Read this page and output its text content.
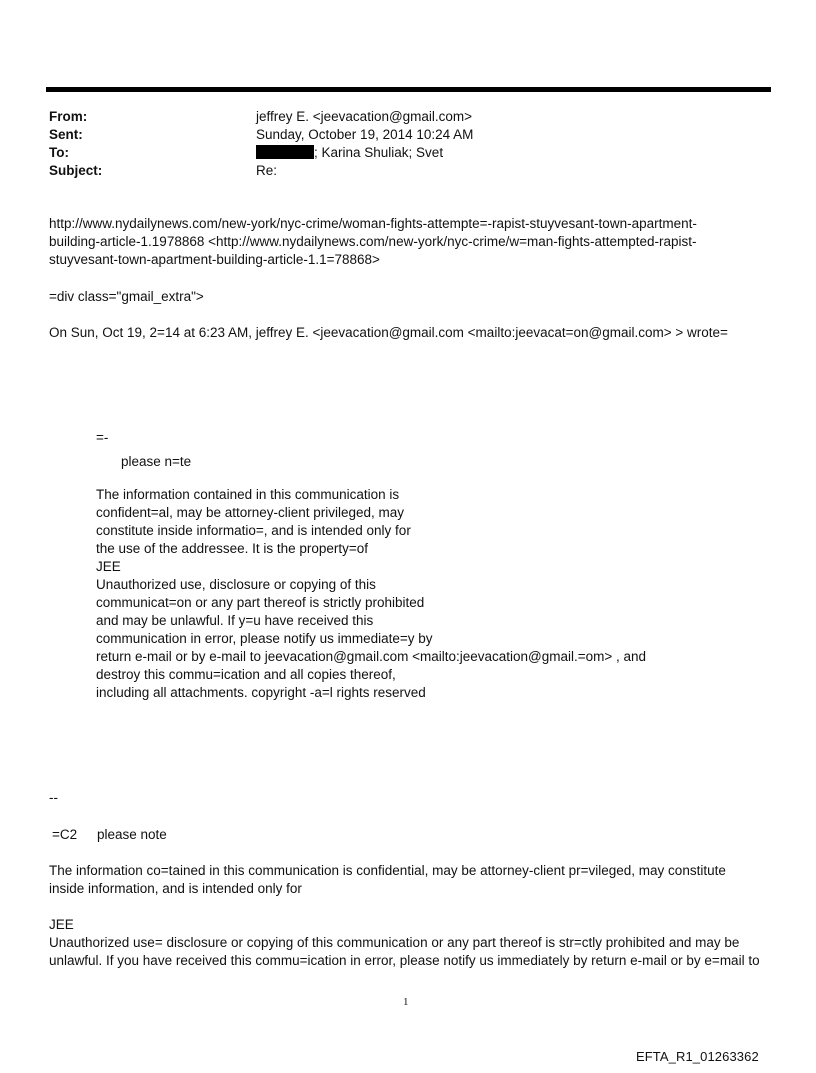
From:	jeffrey E. <jeevacation@gmail.com>
Sent:	Sunday, October 19, 2014 10:24 AM
To:	; Karina Shuliak; Svet
Subject:	Re:
http://www.nydailynews.com/new-york/nyc-crime/woman-fights-attempte=-rapist-stuyvesant-town-apartment-
building-article-1.1978868 <http://www.nydailynews.com/new-york/nyc-crime/w=man-fights-attempted-rapist-
stuyvesant-town-apartment-building-article-1.1=78868>
=div class="gmail_extra">
On Sun, Oct 19, 2=14 at 6:23 AM, jeffrey E. <jeevacation@gmail.com <mailto:jeevacat=on@gmail.com> > wrote=
=-
please n=te
The information contained in this communication is
confident=al, may be attorney-client privileged, may
constitute inside informatio=, and is intended only for
the use of the addressee. It is the property=of
JEE
Unauthorized use, disclosure or copying of this
communicat=on or any part thereof is strictly prohibited
and may be unlawful. If y=u have received this
communication in error, please notify us immediate=y by
return e-mail or by e-mail to jeevacation@gmail.com <mailto:jeevacation@gmail.=om> , and
destroy this commu=ication and all copies thereof,
including all attachments. copyright -a=l rights reserved
--
=C2 please note
The information co=tained in this communication is confidential, may be attorney-client pr=vileged, may constitute
inside information, and is intended only for
JEE
Unauthorized use= disclosure or copying of this communication or any part thereof is str=ctly prohibited and may be
unlawful. If you have received this commu=ication in error, please notify us immediately by return e-mail or by e=mail to
1
EFTA_R1_01263362
